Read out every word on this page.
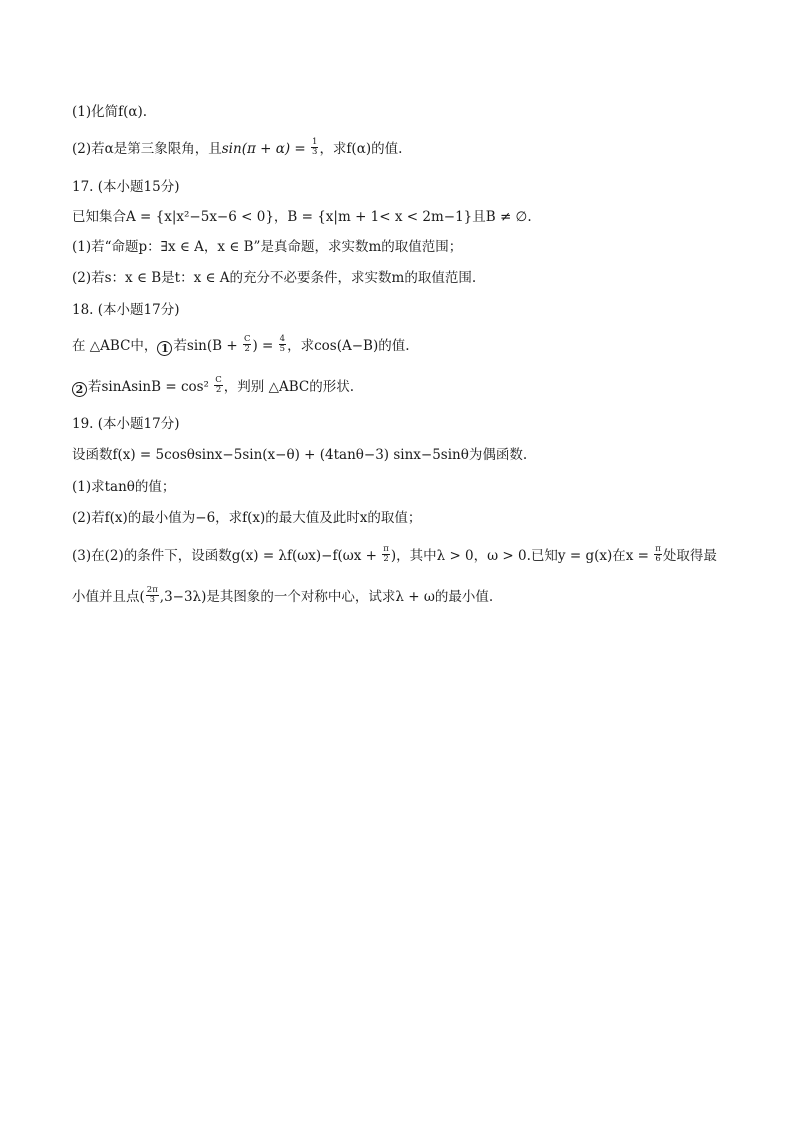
(1)化简f(α).
(2)若α是第三象限角，且$\sin(\pi + \alpha) = \frac{1}{3}$ ，求f(α)的值.
17. (本小题15分)
已知集合A = {x|x²−5x−6 < 0}，B = {x|m + 1< x < 2m−1}且B ≠ ∅.
(1)若“命题p：∃x ∈ A，x ∈ B”是真命题，求实数m的取值范围；
(2)若s：x ∈ B是t：x ∈ A的充分不必要条件，求实数m的取值范围.
18. (本小题17分)
在 △ABC中， 1 若$\sin(B + \frac{C}{2}$ ) = $\frac{4}{5}$ ，求cos(A−B)的值.
2 若sinAsinB = $\cos^2 \frac{C}{2}$ ，判别 △ABC的形状.
19. (本小题17分)
设函数f(x) = 5cosθsinx−5sin(x−θ) + (4tanθ−3) sinx−5sinθ为偶函数.
(1)求tanθ的值；
(2)若f(x)的最小值为−6，求f(x)的最大值及此时x的取值；
(3)在(2)的条件下，设函数$g(x) = \lambda f(\omega x)-f(\omega x + \frac{\pi}{2}$ )，其中λ > 0，ω > 0.已知y = g(x)在$x = \frac{\pi}{6}$ 处取得最
小值并且点( $\frac{2\pi}{3} ,3-3\lambda$)是其图象的一个对称中心，试求λ + ω的最小值.
